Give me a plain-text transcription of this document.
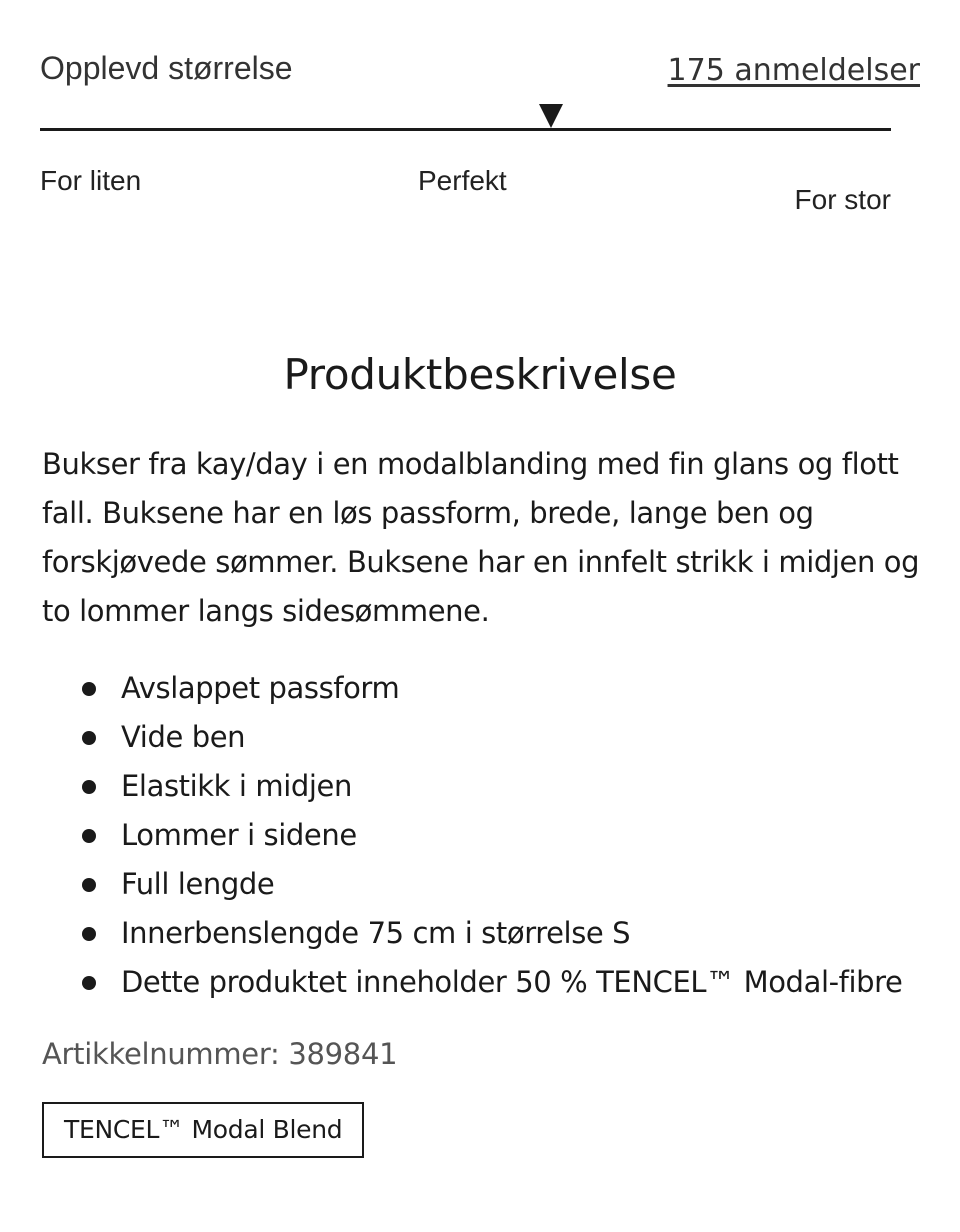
Opplevd størrelse	175 anmeldelser
For liten	Perfekt
For stor
Produktbeskrivelse

Bukser fra kay/day i en modalblanding med fin glans og flott fall. Buksene har en løs passform, brede, lange ben og forskjøvede sømmer. Buksene har en innfelt strikk i midjen og to lommer langs sidesømmene.

Avslappet passform
Vide ben
Elastikk i midjen
Lommer i sidene
Full lengde
Innerbenslengde 75 cm i størrelse S
Dette produktet inneholder 50 % TENCEL™ Modal-fibre
Artikkelnummer: 389841
TENCEL™ Modal Blend
